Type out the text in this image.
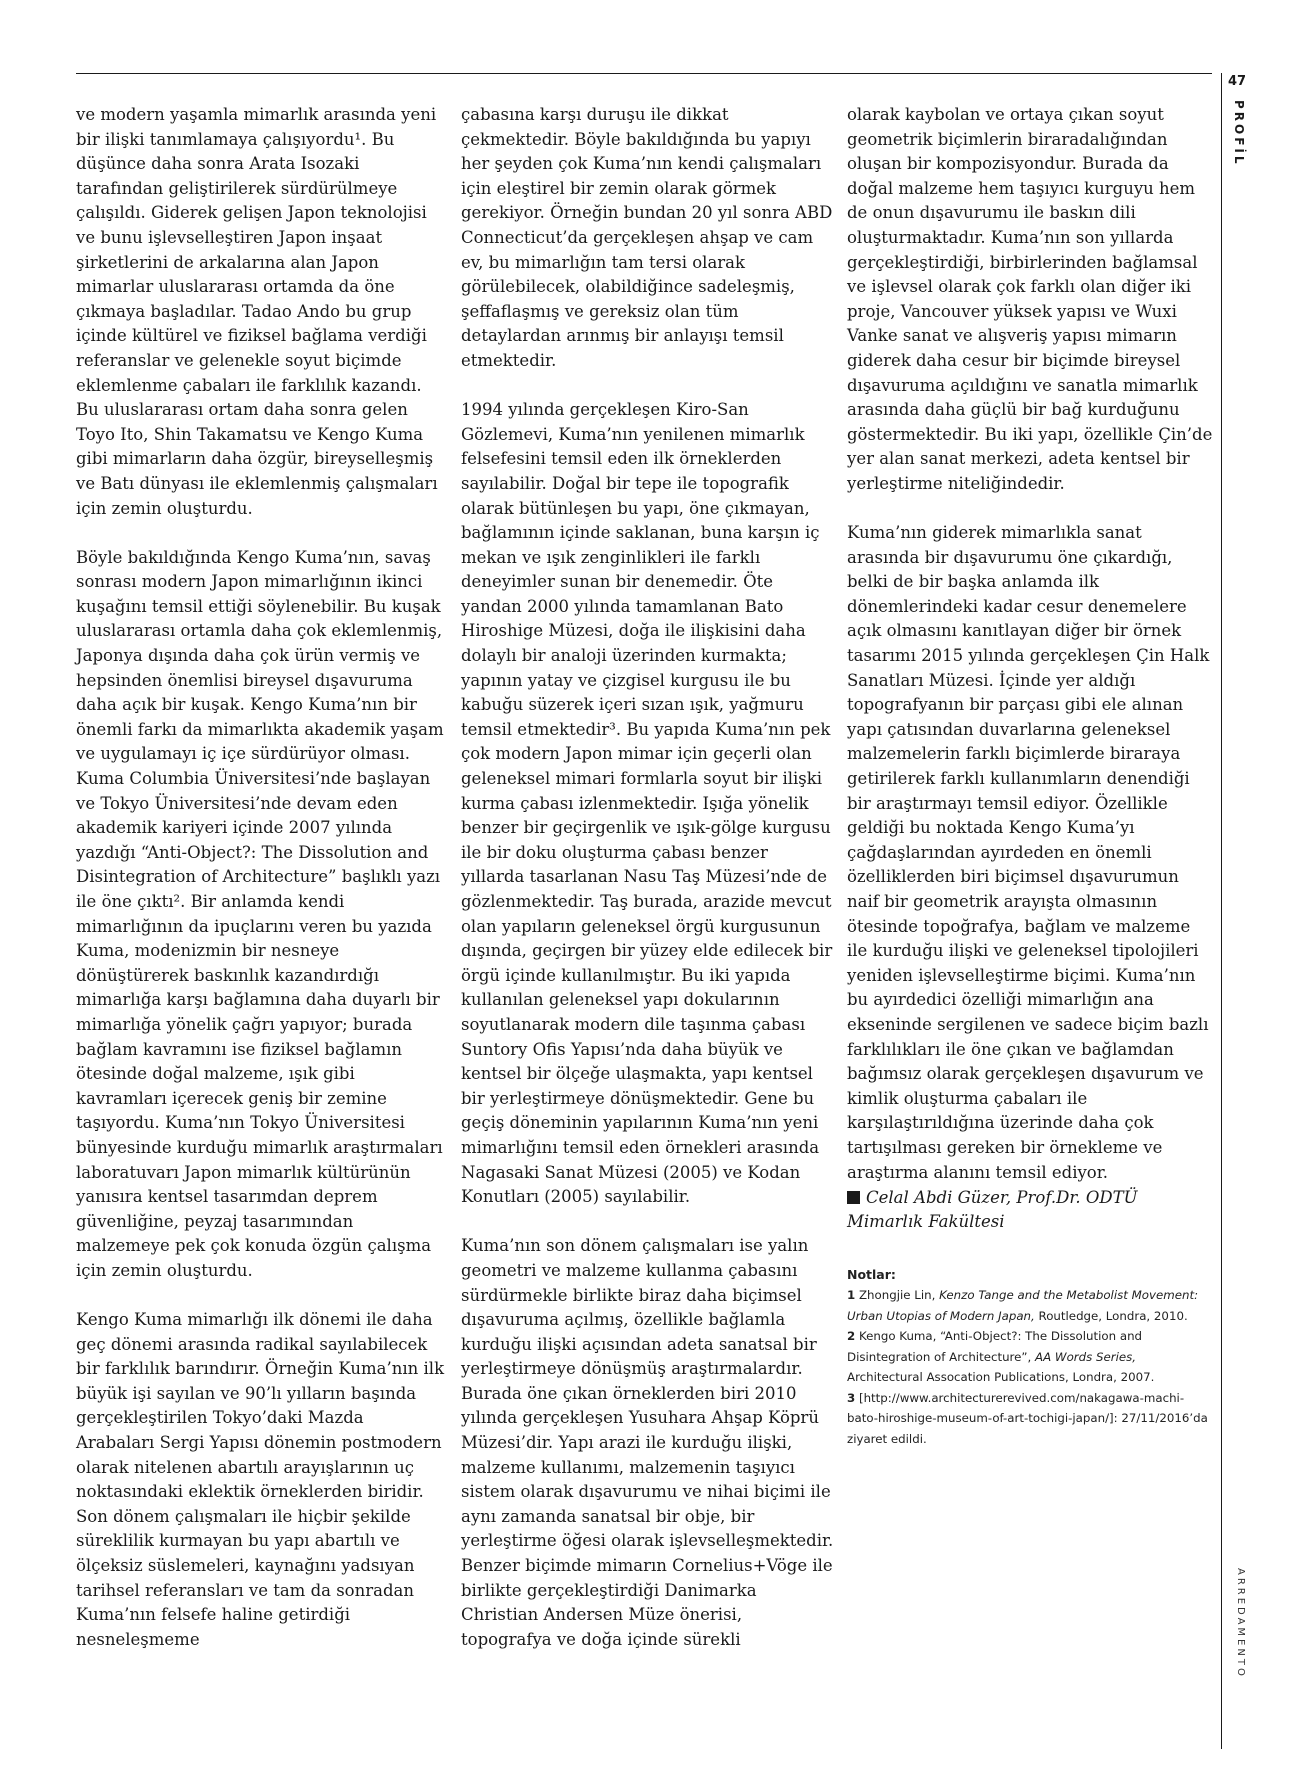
47
PROFİL
ARREDAMENTO

ve modern yaşamla mimarlık arasında yeni bir ilişki tanımlamaya çalışıyordu¹. Bu düşünce daha sonra Arata Isozaki tarafından geliştirilerek sürdürülmeye çalışıldı. Giderek gelişen Japon teknolojisi ve bunu işlevselleştiren Japon inşaat şirketlerini de arkalarına alan Japon mimarlar uluslararası ortamda da öne çıkmaya başladılar. Tadao Ando bu grup içinde kültürel ve fiziksel bağlama verdiği referanslar ve gelenekle soyut biçimde eklemlenme çabaları ile farklılık kazandı. Bu uluslararası ortam daha sonra gelen Toyo Ito, Shin Takamatsu ve Kengo Kuma gibi mimarların daha özgür, bireyselleşmiş ve Batı dünyası ile eklemlenmiş çalışmaları için zemin oluşturdu.

Böyle bakıldığında Kengo Kuma’nın, savaş sonrası modern Japon mimarlığının ikinci kuşağını temsil ettiği söylenebilir. Bu kuşak uluslararası ortamla daha çok eklemlenmiş, Japonya dışında daha çok ürün vermiş ve hepsinden önemlisi bireysel dışavuruma daha açık bir kuşak. Kengo Kuma’nın bir önemli farkı da mimarlıkta akademik yaşam ve uygulamayı iç içe sürdürüyor olması. Kuma Columbia Üniversitesi’nde başlayan ve Tokyo Üniversitesi’nde devam eden akademik kariyeri içinde 2007 yılında yazdığı “Anti-Object?: The Dissolution and Disintegration of Architecture” başlıklı yazı ile öne çıktı². Bir anlamda kendi mimarlığının da ipuçlarını veren bu yazıda Kuma, modenizmin bir nesneye dönüştürerek baskınlık kazandırdığı mimarlığa karşı bağlamına daha duyarlı bir mimarlığa yönelik çağrı yapıyor; burada bağlam kavramını ise fiziksel bağlamın ötesinde doğal malzeme, ışık gibi kavramları içerecek geniş bir zemine taşıyordu. Kuma’nın Tokyo Üniversitesi bünyesinde kurduğu mimarlık araştırmaları laboratuvarı Japon mimarlık kültürünün yanısıra kentsel tasarımdan deprem güvenliğine, peyzaj tasarımından malzemeye pek çok konuda özgün çalışma için zemin oluşturdu.

Kengo Kuma mimarlığı ilk dönemi ile daha geç dönemi arasında radikal sayılabilecek bir farklılık barındırır. Örneğin Kuma’nın ilk büyük işi sayılan ve 90’lı yılların başında gerçekleştirilen Tokyo’daki Mazda Arabaları Sergi Yapısı dönemin postmodern olarak nitelenen abartılı arayışlarının uç noktasındaki eklektik örneklerden biridir. Son dönem çalışmaları ile hiçbir şekilde süreklilik kurmayan bu yapı abartılı ve ölçeksiz süslemeleri, kaynağını yadsıyan tarihsel referansları ve tam da sonradan Kuma’nın felsefe haline getirdiği nesneleşmeme

çabasına karşı duruşu ile dikkat çekmektedir. Böyle bakıldığında bu yapıyı her şeyden çok Kuma’nın kendi çalışmaları için eleştirel bir zemin olarak görmek gerekiyor. Örneğin bundan 20 yıl sonra ABD Connecticut’da gerçekleşen ahşap ve cam ev, bu mimarlığın tam tersi olarak görülebilecek, olabildiğince sadeleşmiş, şeffaflaşmış ve gereksiz olan tüm detaylardan arınmış bir anlayışı temsil etmektedir.

1994 yılında gerçekleşen Kiro-San Gözlemevi, Kuma’nın yenilenen mimarlık felsefesini temsil eden ilk örneklerden sayılabilir. Doğal bir tepe ile topografik olarak bütünleşen bu yapı, öne çıkmayan, bağlamının içinde saklanan, buna karşın iç mekan ve ışık zenginlikleri ile farklı deneyimler sunan bir denemedir. Öte yandan 2000 yılında tamamlanan Bato Hiroshige Müzesi, doğa ile ilişkisini daha dolaylı bir analoji üzerinden kurmakta; yapının yatay ve çizgisel kurgusu ile bu kabuğu süzerek içeri sızan ışık, yağmuru temsil etmektedir³. Bu yapıda Kuma’nın pek çok modern Japon mimar için geçerli olan geleneksel mimari formlarla soyut bir ilişki kurma çabası izlenmektedir. Işığa yönelik benzer bir geçirgenlik ve ışık-gölge kurgusu ile bir doku oluşturma çabası benzer yıllarda tasarlanan Nasu Taş Müzesi’nde de gözlenmektedir. Taş burada, arazide mevcut olan yapıların geleneksel örgü kurgusunun dışında, geçirgen bir yüzey elde edilecek bir örgü içinde kullanılmıştır. Bu iki yapıda kullanılan geleneksel yapı dokularının soyutlanarak modern dile taşınma çabası Suntory Ofis Yapısı’nda daha büyük ve kentsel bir ölçeğe ulaşmakta, yapı kentsel bir yerleştirmeye dönüşmektedir. Gene bu geçiş döneminin yapılarının Kuma’nın yeni mimarlığını temsil eden örnekleri arasında Nagasaki Sanat Müzesi (2005) ve Kodan Konutları (2005) sayılabilir.

Kuma’nın son dönem çalışmaları ise yalın geometri ve malzeme kullanma çabasını sürdürmekle birlikte biraz daha biçimsel dışavuruma açılmış, özellikle bağlamla kurduğu ilişki açısından adeta sanatsal bir yerleştirmeye dönüşmüş araştırmalardır. Burada öne çıkan örneklerden biri 2010 yılında gerçekleşen Yusuhara Ahşap Köprü Müzesi’dir. Yapı arazi ile kurduğu ilişki, malzeme kullanımı, malzemenin taşıyıcı sistem olarak dışavurumu ve nihai biçimi ile aynı zamanda sanatsal bir obje, bir yerleştirme öğesi olarak işlevselleşmektedir. Benzer biçimde mimarın Cornelius+Vöge ile birlikte gerçekleştirdiği Danimarka Christian Andersen Müze önerisi, topografya ve doğa içinde sürekli

olarak kaybolan ve ortaya çıkan soyut geometrik biçimlerin biraradalığından oluşan bir kompozisyondur. Burada da doğal malzeme hem taşıyıcı kurguyu hem de onun dışavurumu ile baskın dili oluşturmaktadır. Kuma’nın son yıllarda gerçekleştirdiği, birbirlerinden bağlamsal ve işlevsel olarak çok farklı olan diğer iki proje, Vancouver yüksek yapısı ve Wuxi Vanke sanat ve alışveriş yapısı mimarın giderek daha cesur bir biçimde bireysel dışavuruma açıldığını ve sanatla mimarlık arasında daha güçlü bir bağ kurduğunu göstermektedir. Bu iki yapı, özellikle Çin’de yer alan sanat merkezi, adeta kentsel bir yerleştirme niteliğindedir.

Kuma’nın giderek mimarlıkla sanat arasında bir dışavurumu öne çıkardığı, belki de bir başka anlamda ilk dönemlerindeki kadar cesur denemelere açık olmasını kanıtlayan diğer bir örnek tasarımı 2015 yılında gerçekleşen Çin Halk Sanatları Müzesi. İçinde yer aldığı topografyanın bir parçası gibi ele alınan yapı çatısından duvarlarına geleneksel malzemelerin farklı biçimlerde biraraya getirilerek farklı kullanımların denendiği bir araştırmayı temsil ediyor. Özellikle geldiği bu noktada Kengo Kuma’yı çağdaşlarından ayırdeden en önemli özelliklerden biri biçimsel dışavurumun naif bir geometrik arayışta olmasının ötesinde topoğrafya, bağlam ve malzeme ile kurduğu ilişki ve geleneksel tipolojileri yeniden işlevselleştirme biçimi. Kuma’nın bu ayırdedici özelliği mimarlığın ana ekseninde sergilenen ve sadece biçim bazlı farklılıkları ile öne çıkan ve bağlamdan bağımsız olarak gerçekleşen dışavurum ve kimlik oluşturma çabaları ile karşılaştırıldığına üzerinde daha çok tartışılması gereken bir örnekleme ve araştırma alanını temsil ediyor.

Celal Abdi Güzer, Prof.Dr. ODTÜ Mimarlık Fakültesi
Notlar:
1 Zhongjie Lin, Kenzo Tange and the Metabolist Movement: Urban Utopias of Modern Japan, Routledge, Londra, 2010.
2 Kengo Kuma, “Anti-Object?: The Dissolution and Disintegration of Architecture”, AA Words Series, Architectural Assocation Publications, Londra, 2007.
3 [http://www.architecturerevived.com/nakagawa-machi-bato-hiroshige-museum-of-art-tochigi-japan/]: 27/11/2016’da ziyaret edildi.
